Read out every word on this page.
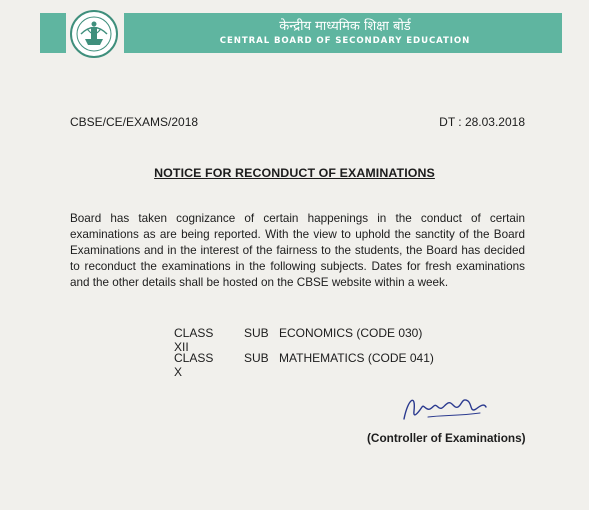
केन्द्रीय माध्यमिक शिक्षा बोर्ड
CENTRAL BOARD OF SECONDARY EDUCATION
CBSE/CE/EXAMS/2018	DT : 28.03.2018
NOTICE FOR RECONDUCT OF EXAMINATIONS
Board has taken cognizance of certain happenings in the conduct of certain examinations as are being reported. With the view to uphold the sanctity of the Board Examinations and in the interest of the fairness to the students, the Board has decided to reconduct the examinations in the following subjects. Dates for fresh examinations and the other details shall be hosted on the CBSE website within a week.
CLASS XII
SUB ECONOMICS (CODE 030)
CLASS X
SUB MATHEMATICS (CODE 041)
(Controller of Examinations)
